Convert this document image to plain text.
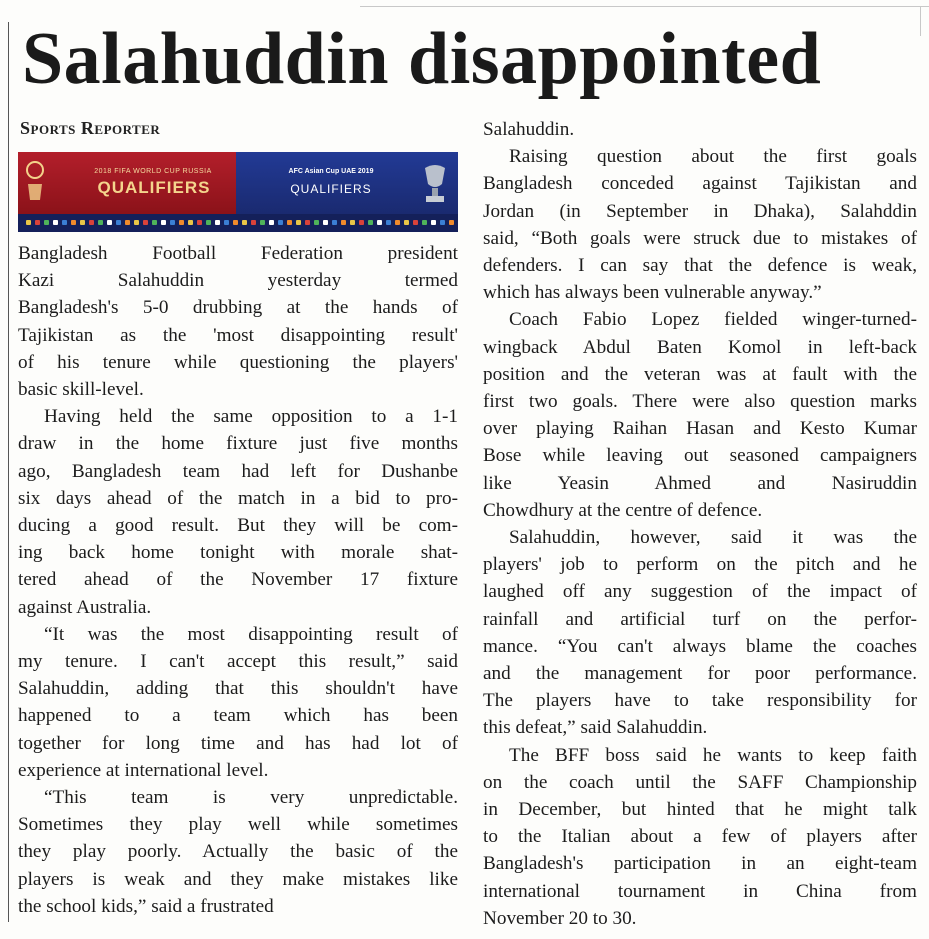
Salahuddin disappointed
Sports Reporter
2018 FIFA WORLD CUP RUSSIA
QUALIFIERS
AFC Asian Cup UAE 2019
QUALIFIERS

Bangladesh Football Federation president
Kazi Salahuddin yesterday termed
Bangladesh's 5-0 drubbing at the hands of
Tajikistan as the 'most disappointing result'
of his tenure while questioning the players'
basic skill-level.

Having held the same opposition to a 1-1
draw in the home fixture just five months
ago, Bangladesh team had left for Dushanbe
six days ahead of the match in a bid to pro-
ducing a good result. But they will be com-
ing back home tonight with morale shat-
tered ahead of the November 17 fixture
against Australia.

“It was the most disappointing result of
my tenure. I can't accept this result,” said
Salahuddin, adding that this shouldn't have
happened to a team which has been
together for long time and has had lot of
experience at international level.

“This team is very unpredictable.
Sometimes they play well while sometimes
they play poorly. Actually the basic of the
players is weak and they make mistakes like
the school kids,” said a frustrated

Salahuddin.

Raising question about the first goals
Bangladesh conceded against Tajikistan and
Jordan (in September in Dhaka), Salahddin
said, “Both goals were struck due to mistakes of
defenders. I can say that the defence is weak,
which has always been vulnerable anyway.”

Coach Fabio Lopez fielded winger-turned-
wingback Abdul Baten Komol in left-back
position and the veteran was at fault with the
first two goals. There were also question marks
over playing Raihan Hasan and Kesto Kumar
Bose while leaving out seasoned campaigners
like Yeasin Ahmed and Nasiruddin
Chowdhury at the centre of defence.

Salahuddin, however, said it was the
players' job to perform on the pitch and he
laughed off any suggestion of the impact of
rainfall and artificial turf on the perfor-
mance. “You can't always blame the coaches
and the management for poor performance.
The players have to take responsibility for
this defeat,” said Salahuddin.

The BFF boss said he wants to keep faith
on the coach until the SAFF Championship
in December, but hinted that he might talk
to the Italian about a few of players after
Bangladesh's participation in an eight-team
international tournament in China from
November 20 to 30.
